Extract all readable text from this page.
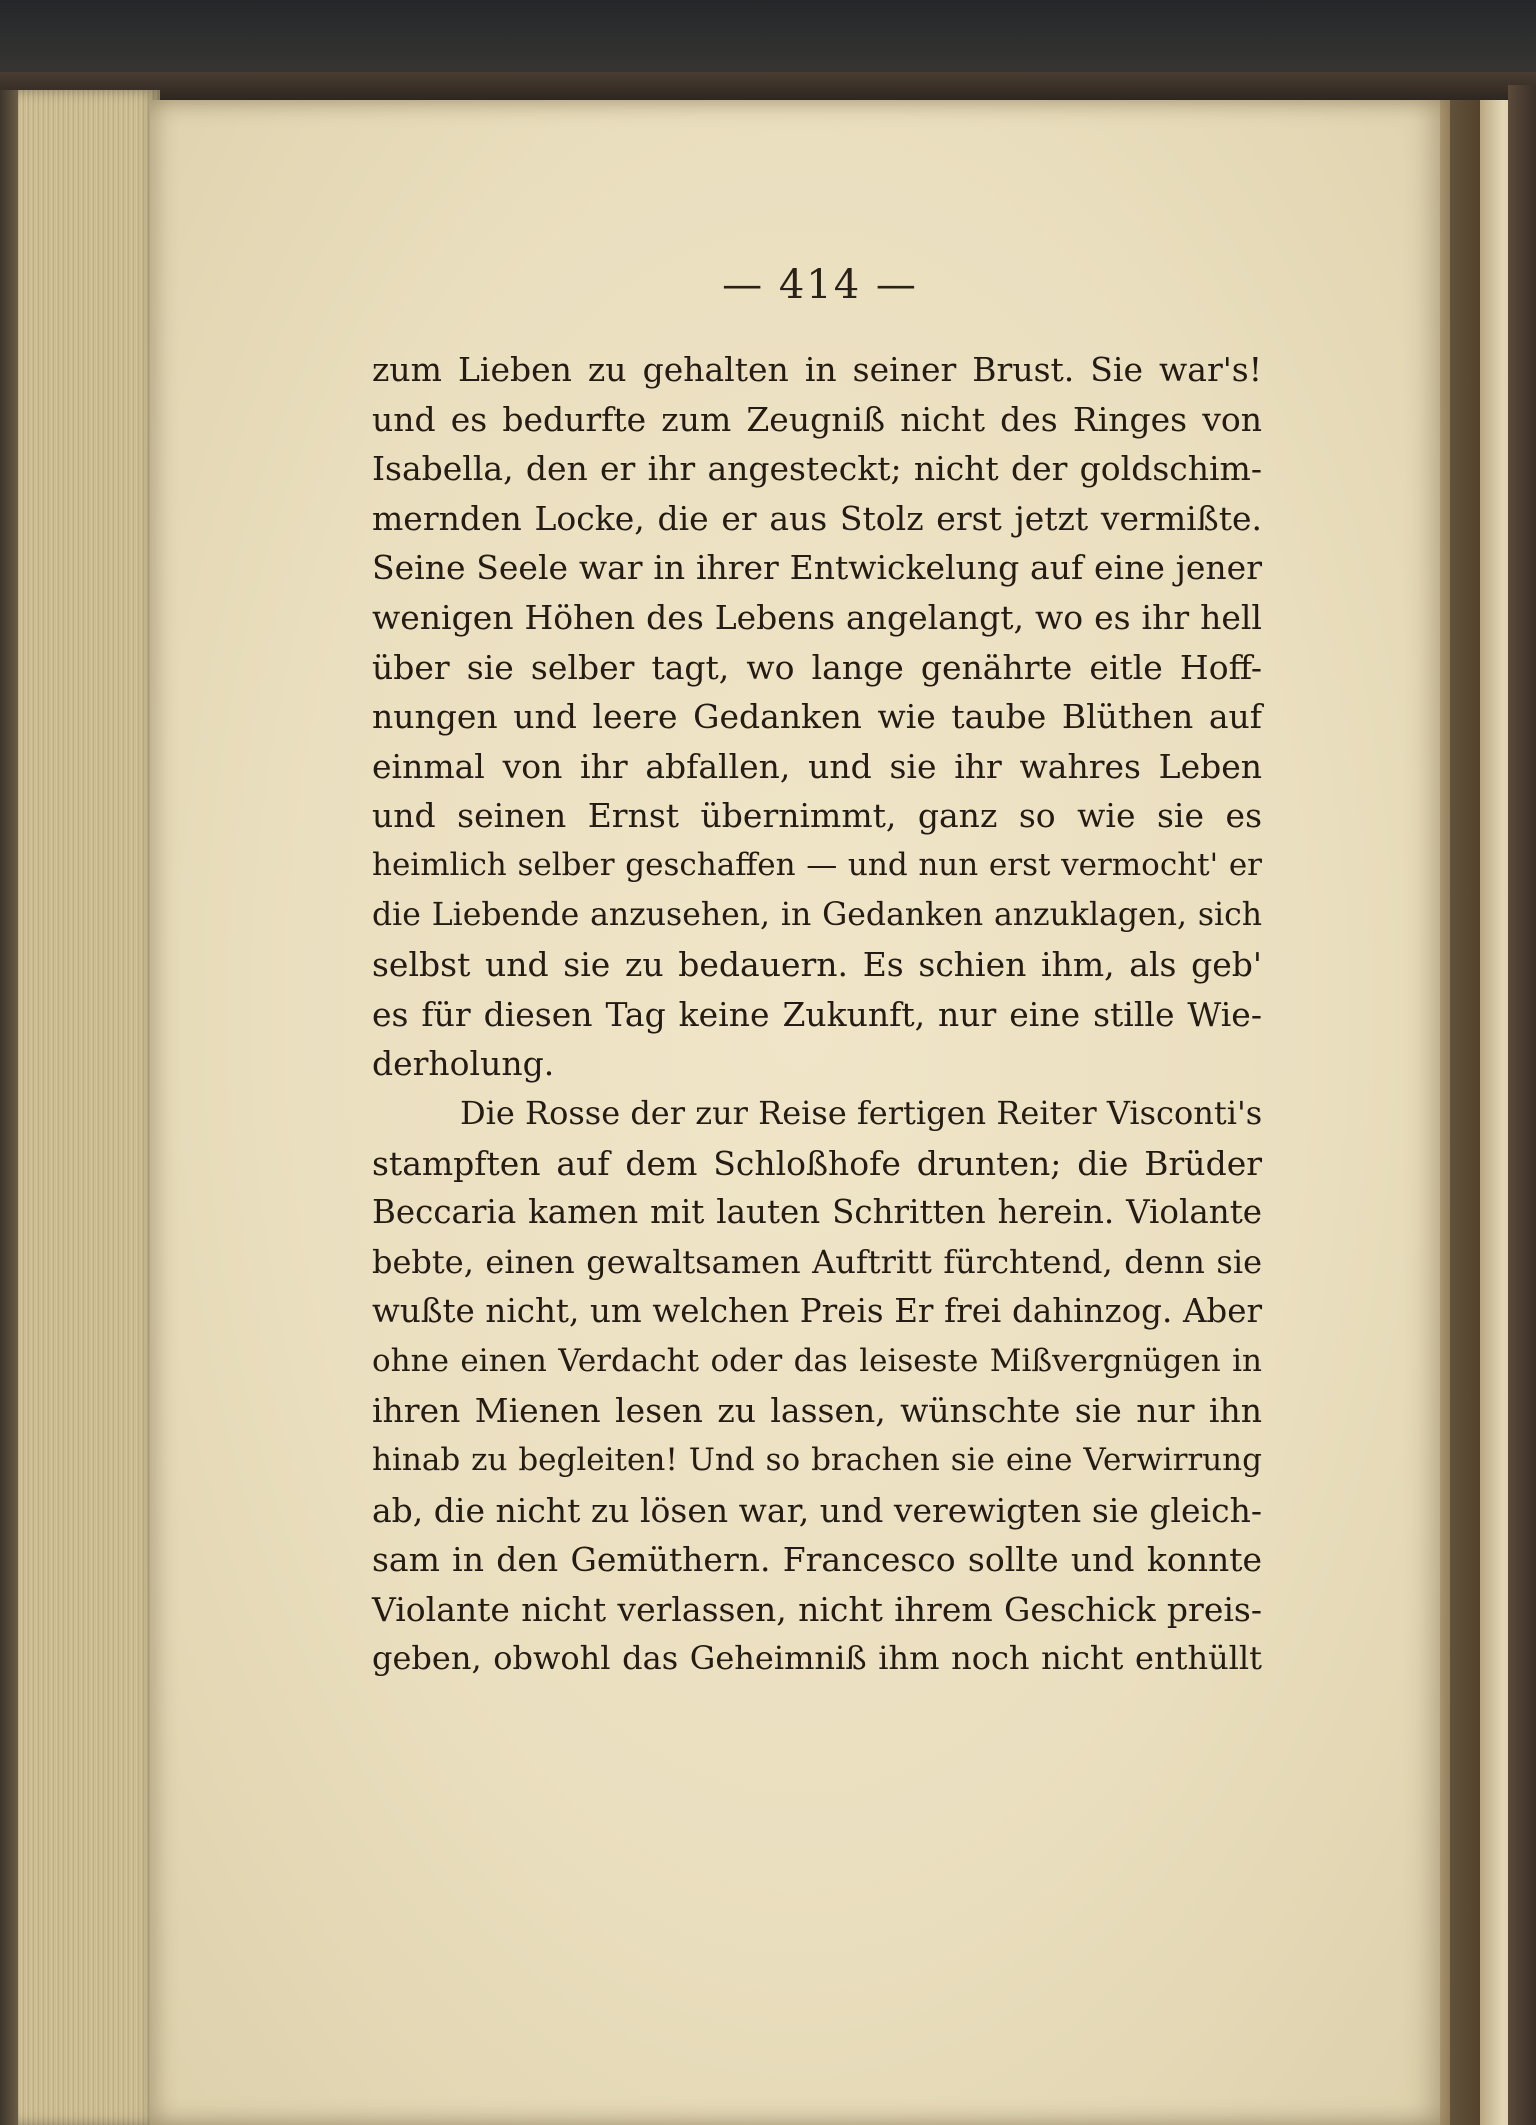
— 414 —
zum Lieben zu gehalten in seiner Brust. Sie war's!
und es bedurfte zum Zeugniß nicht des Ringes von
Isabella, den er ihr angesteckt; nicht der goldschim-
mernden Locke, die er aus Stolz erst jetzt vermißte.
Seine Seele war in ihrer Entwickelung auf eine jener
wenigen Höhen des Lebens angelangt, wo es ihr hell
über sie selber tagt, wo lange genährte eitle Hoff-
nungen und leere Gedanken wie taube Blüthen auf
einmal von ihr abfallen, und sie ihr wahres Leben
und seinen Ernst übernimmt, ganz so wie sie es
heimlich selber geschaffen — und nun erst vermocht' er
die Liebende anzusehen, in Gedanken anzuklagen, sich
selbst und sie zu bedauern. Es schien ihm, als geb'
es für diesen Tag keine Zukunft, nur eine stille Wie-
derholung.
Die Rosse der zur Reise fertigen Reiter Visconti's
stampften auf dem Schloßhofe drunten; die Brüder
Beccaria kamen mit lauten Schritten herein. Violante
bebte, einen gewaltsamen Auftritt fürchtend, denn sie
wußte nicht, um welchen Preis Er frei dahinzog. Aber
ohne einen Verdacht oder das leiseste Mißvergnügen in
ihren Mienen lesen zu lassen, wünschte sie nur ihn
hinab zu begleiten! Und so brachen sie eine Verwirrung
ab, die nicht zu lösen war, und verewigten sie gleich-
sam in den Gemüthern. Francesco sollte und konnte
Violante nicht verlassen, nicht ihrem Geschick preis-
geben, obwohl das Geheimniß ihm noch nicht enthüllt
